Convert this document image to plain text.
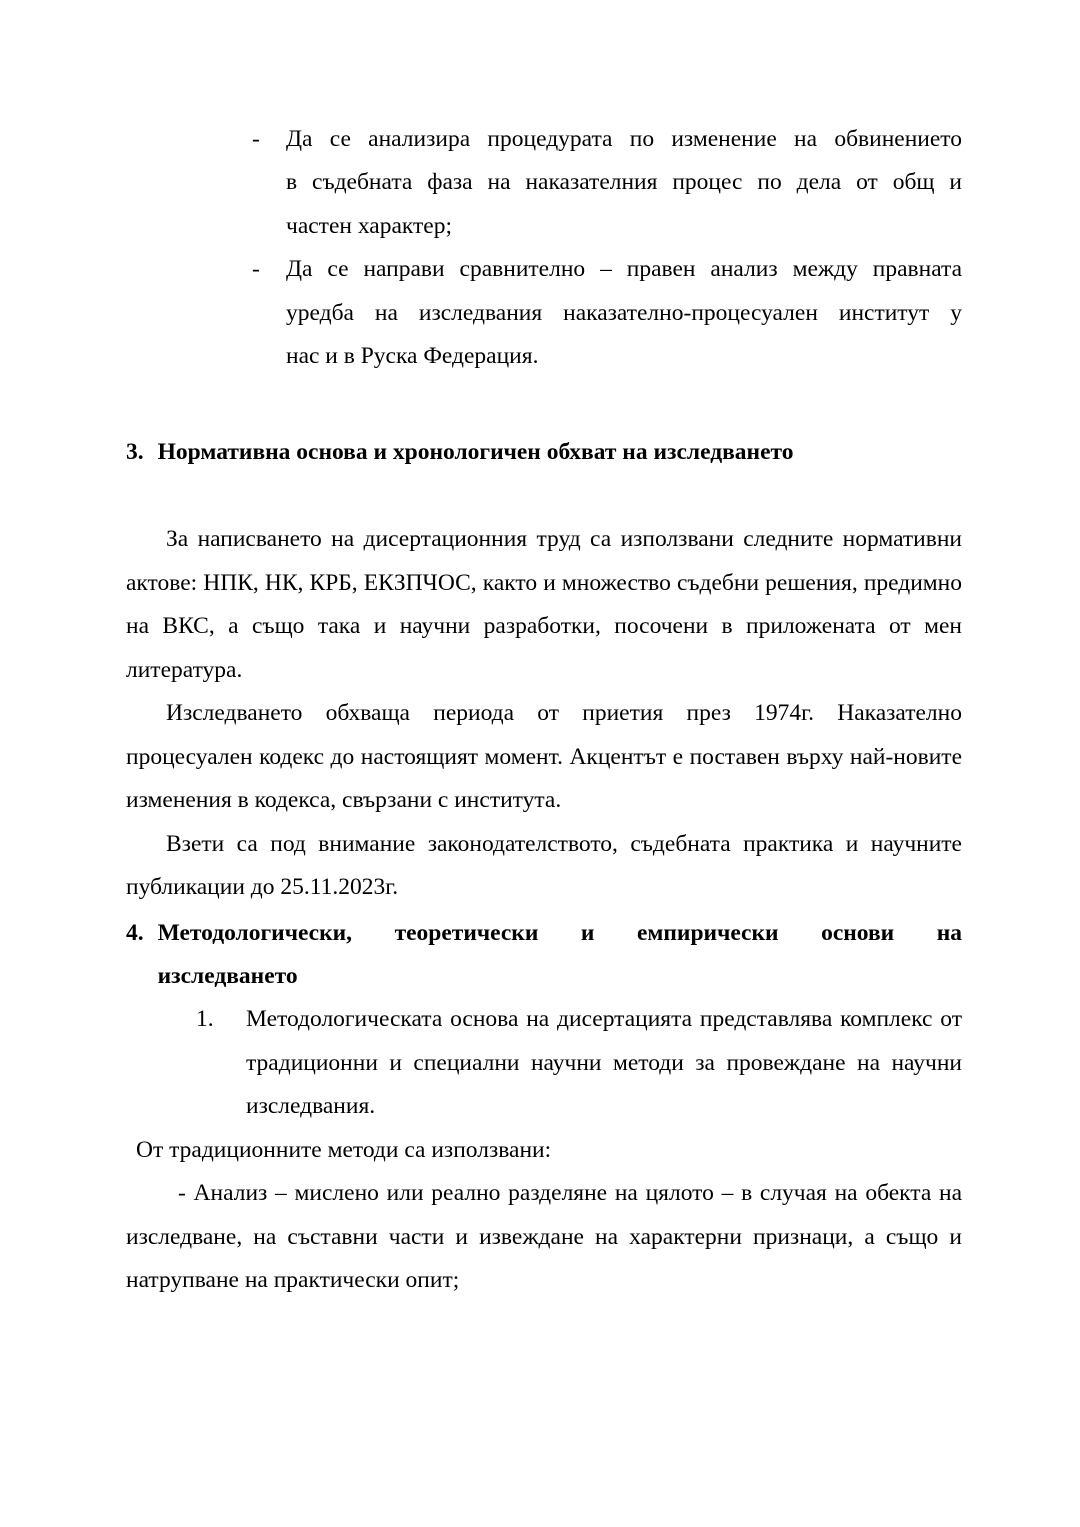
- Да се анализира процедурата по изменение на обвинението
в съдебната фаза на наказателния процес по дела от общ и
частен характер;
- Да се направи сравнително – правен анализ между правната
уредба на изследвания наказателно-процесуален институт у
нас и в Руска Федерация.
3. Нормативна основа и хронологичен обхват на изследването

За написването на дисертационния труд са използвани следните нормативни актове: НПК, НК, КРБ, ЕКЗПЧОС, както и множество съдебни решения, предимно на ВКС, а също така и научни разработки, посочени в приложената от мен литература.

Изследването обхваща периода от приетия през 1974г. Наказателно процесуален кодекс до настоящият момент. Акцентът е поставен върху най-новите изменения в кодекса, свързани с института.

Взети са под внимание законодателството, съдебната практика и научните публикации до 25.11.2023г.

4. Методологически, теоретически и емпирически основи на
изследването
1. Методологическата основа на дисертацията представлява комплекс от традиционни и специални научни методи за провеждане на научни изследвания.

От традиционните методи са използвани:

- Анализ – мислено или реално разделяне на цялото – в случая на обекта на изследване, на съставни части и извеждане на характерни признаци, а също и натрупване на практически опит;
